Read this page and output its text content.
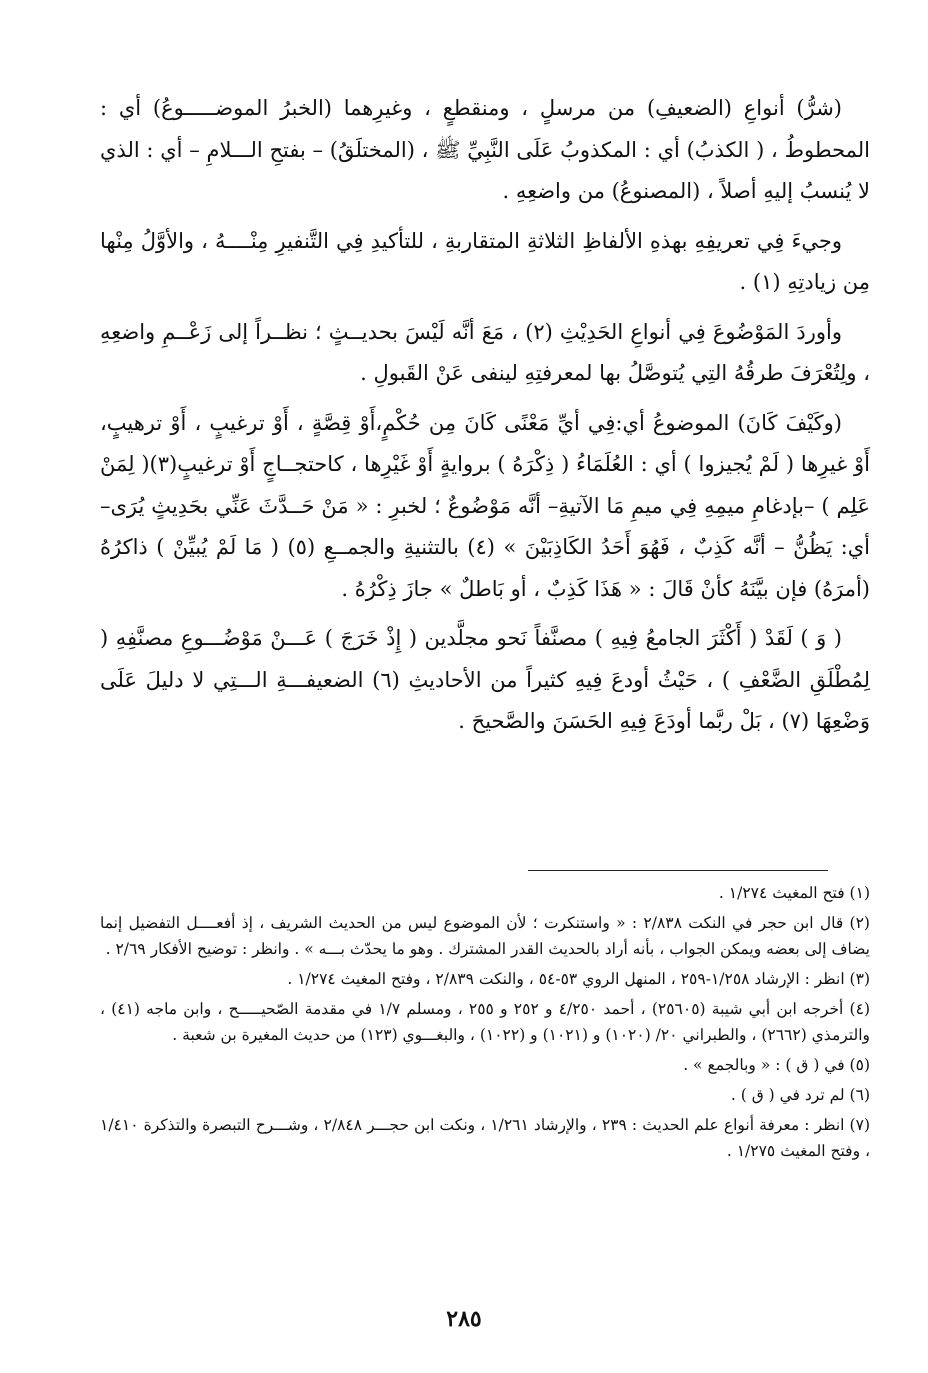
(شرُّ) أنواعِ (الضعيفِ) من مرسلٍ ، ومنقطعٍ ، وغيرِهما (الخبرُ الموضـــــوعُ) أي : المحطوطُ ، ( الكذبُ) أي : المكذوبُ عَلَى النَّبِيِّ ﷺ ، (المختلَقُ) – بفتحِ الـــلامِ – أي : الذي لا يُنسبُ إليهِ أصلاً ، (المصنوعُ) من واضعِهِ .

وجيءَ فِي تعريفِهِ بهذهِ الألفاظِ الثلاثةِ المتقاربةِ ، للتأكيدِ فِي التَّنفيرِ مِنْــــهُ ، والأوَّلُ مِنْها مِن زيادتِهِ (١) .

وأوردَ المَوْضُوعَ فِي أنواعِ الحَدِيْثِ (٢) ، مَعَ أنَّه لَيْسَ بحديــثٍ ؛ نظــراً إلى زَعْــمِ واضعِهِ ، ولِتُعْرَفَ طرقُهُ التِي يُتوصَّلُ بها لمعرفتِهِ لينفى عَنْ القَبولِ .

(وكَيْفَ كَانَ) الموضوعُ أي:فِي أيِّ مَعْنًى كَانَ مِن حُكْمٍ،أَوْ قِصَّةٍ ، أَوْ ترغيبٍ ، أَوْ ترهيبٍ، أَوْ غيرِها ( لَمْ يُجيزوا ) أي : العُلَمَاءُ ( ذِكْرَهُ ) بروايةٍ أَوْ غَيْرِها ، كاحتجــاجٍ أَوْ ترغيبٍ(٣)( لِمَنْ عَلِم ) –بإدغامِ ميمِهِ فِي ميمِ مَا الآتيةِ– أنَّه مَوْضُوعٌ ؛ لخبرِ : « مَنْ حَــدَّثَ عَنِّي بحَدِيثٍ يُرَى– أي: يَظُنُّ – أنَّه كَذِبٌ ، فَهُوَ أَحَدُ الكَاذِبَيْنَ » (٤) بالتثنيةِ والجمــعِ (٥) ( مَا لَمْ يُبيِّنْ ) ذاكرُهُ (أمرَهُ) فإن بيَّنَهُ كأنْ قَالَ : « هَذَا كَذِبٌ ، أو بَاطلٌ » جازَ ذِكْرُهُ .

( وَ ) لَقَدْ ( أَكْثَرَ الجامعُ فِيهِ ) مصنَّفاً نَحو مجلَّدين ( إِذْ خَرَجَ ) عَـــنْ مَوْضُـــوعِ مصنَّفِهِ ( لِمُطْلَقِ الضَّعْفِ ) ، حَيْثُ أودعَ فِيهِ كثيراً من الأحاديثِ (٦) الضعيفـــةِ الـــتِي لا دليلَ عَلَى وَضْعِهَا (٧) ، بَلْ ربَّما أودَعَ فِيهِ الحَسَنَ والصَّحيحَ .

(١) فتح المغيث ١/٢٧٤ .

(٢) قال ابن حجر في النكت ٢/٨٣٨ : « واستنكرت ؛ لأن الموضوع ليس من الحديث الشريف ، إذ أفعــــل التفضيل إنما يضاف إلى بعضه ويمكن الجواب ، بأنه أراد بالحديث القدر المشترك . وهو ما يحدّث بـــه » . وانظر : توضيح الأفكار ٢/٦٩ .

(٣) انظر : الإرشاد ١/٢٥٨-٢٥٩ ، المنهل الروي ٥٣-٥٤ ، والنكت ٢/٨٣٩ ، وفتح المغيث ١/٢٧٤ .

(٤) أخرجه ابن أبي شيبة (٢٥٦٠٥) ، أحمد ٤/٢٥٠ و ٢٥٢ و ٢٥٥ ، ومسلم ١/٧ في مقدمة الصّحيـــــح ، وابن ماجه (٤١) ، والترمذي (٢٦٦٢) ، والطبراني ٢٠/ (١٠٢٠) و (١٠٢١) و (١٠٢٢) ، والبغـــوي (١٢٣) من حديث المغيرة بن شعبة .

(٥) في ( ق ) : « وبالجمع » .

(٦) لم ترد في ( ق ) .

(٧) انظر : معرفة أنواع علم الحديث : ٢٣٩ ، والإرشاد ١/٢٦١ ، ونكت ابن حجـــر ٢/٨٤٨ ، وشـــرح التبصرة والتذكرة ١/٤١٠ ، وفتح المغيث ١/٢٧٥ .

٢٨٥
